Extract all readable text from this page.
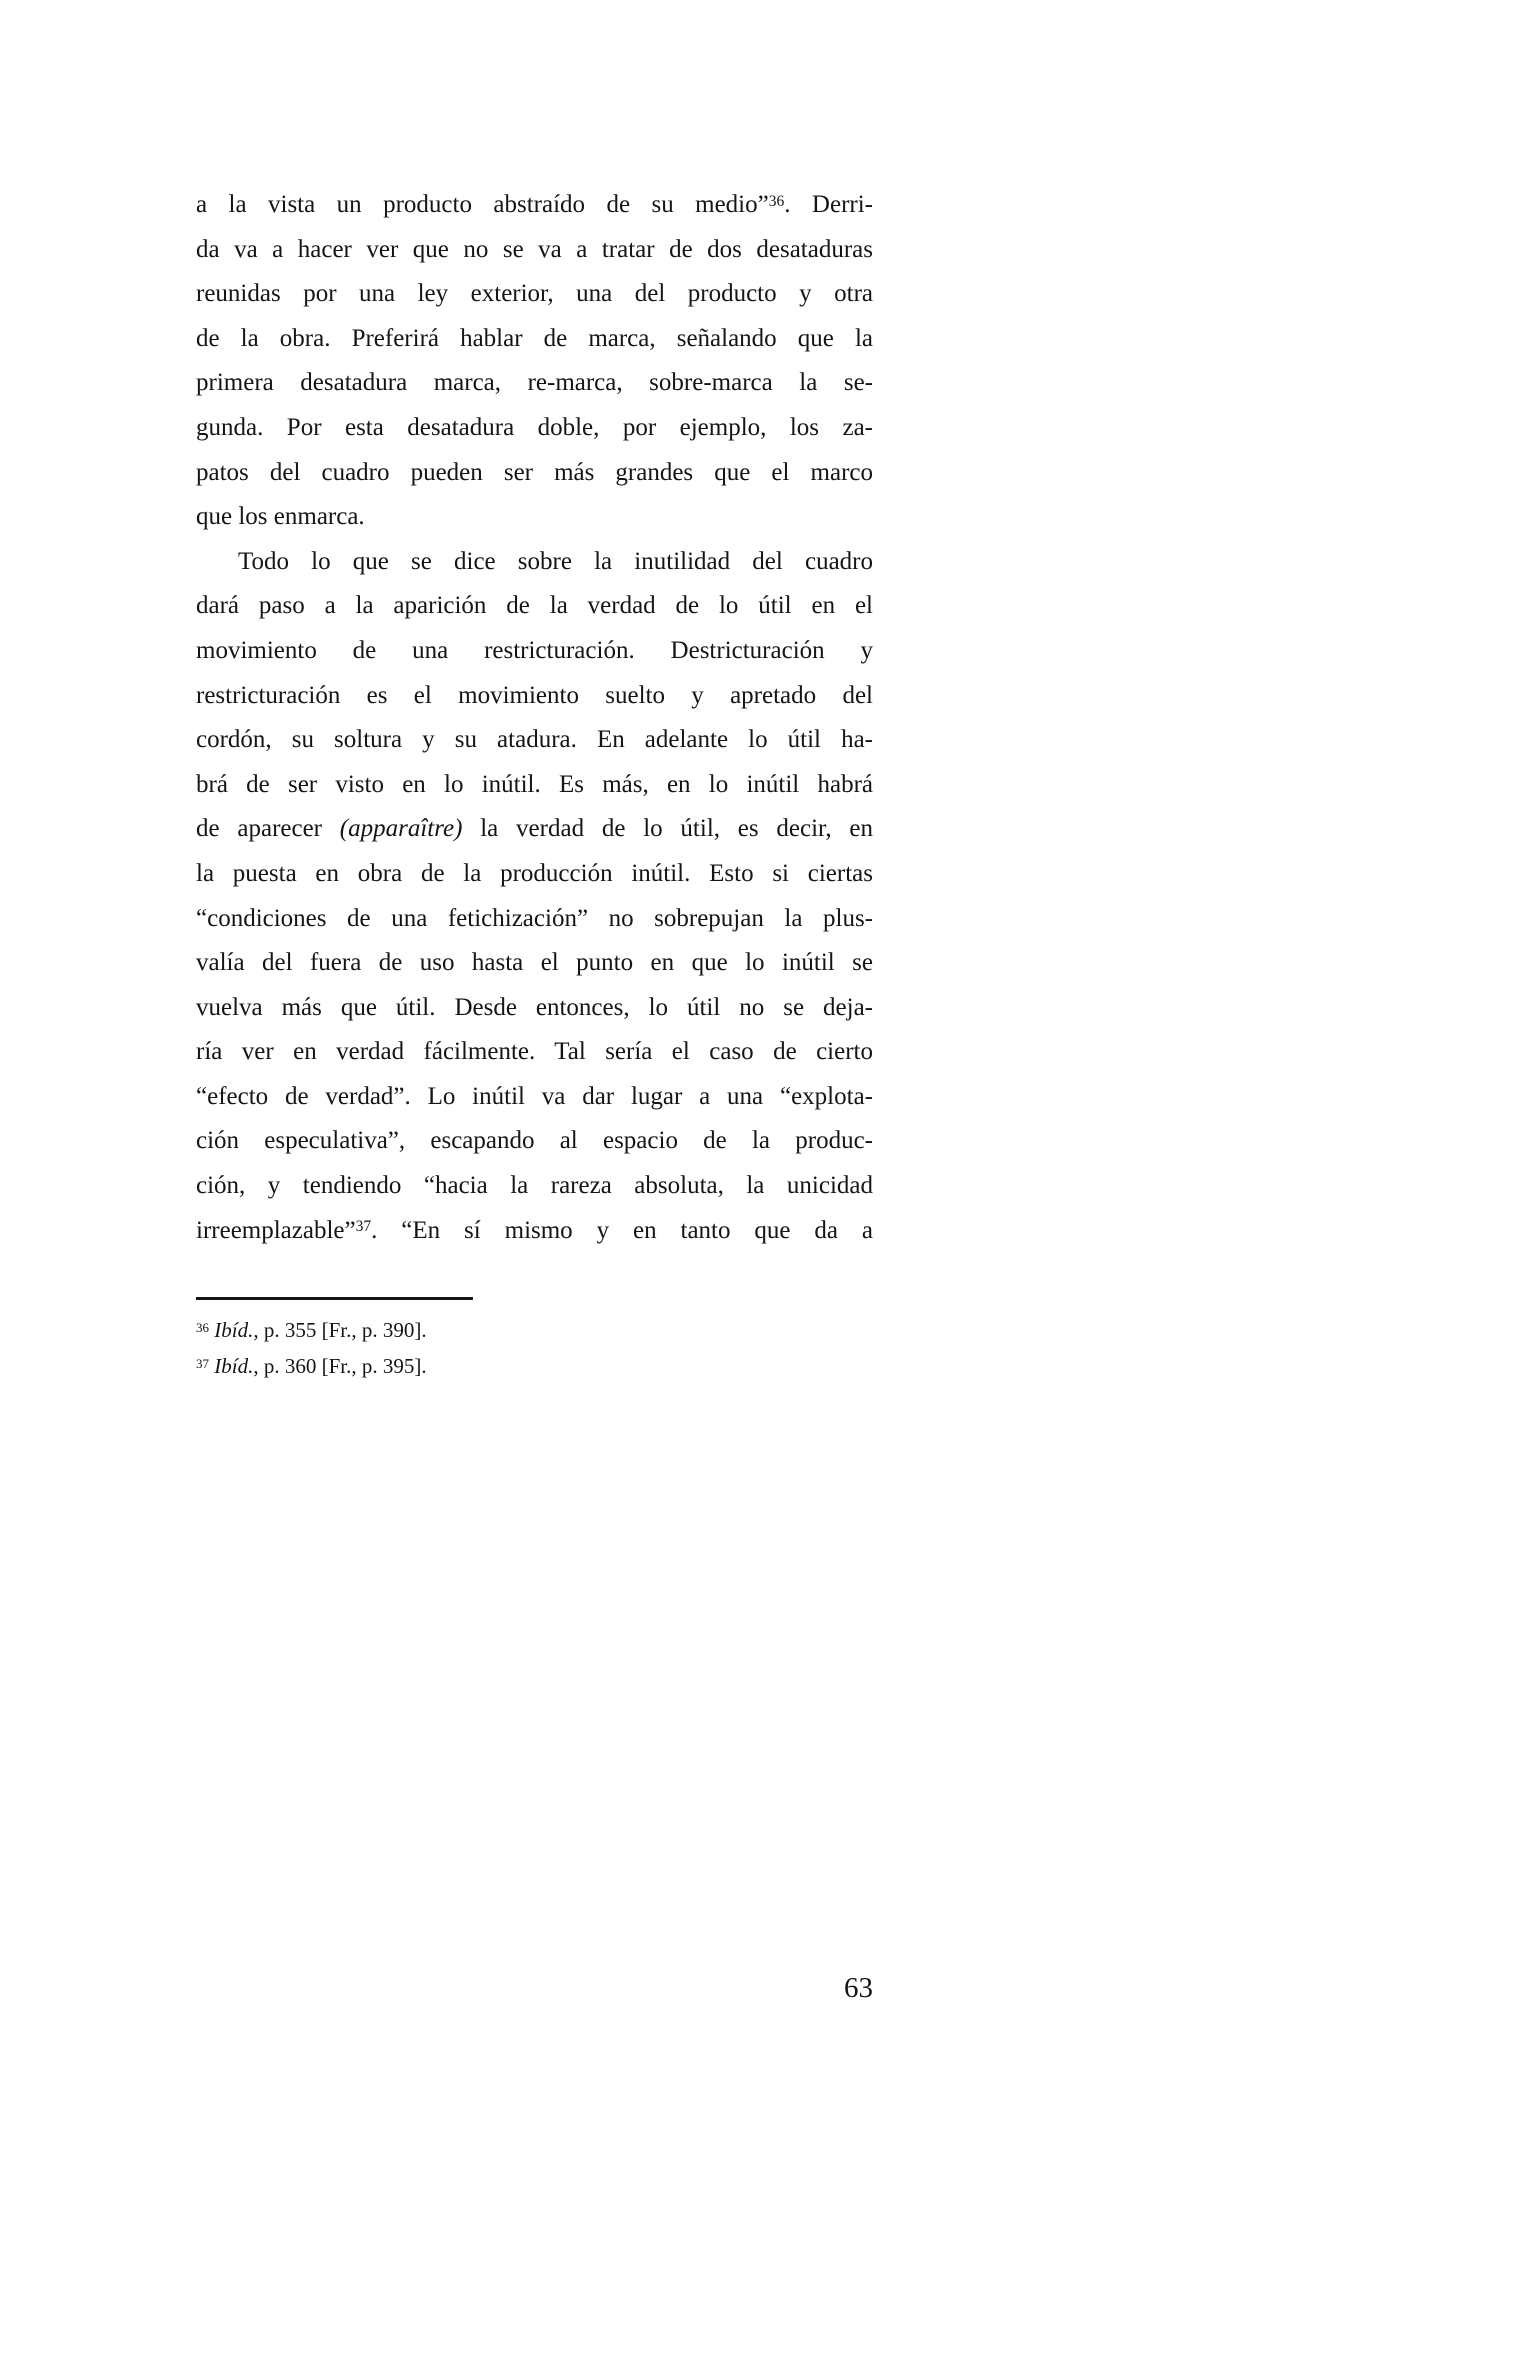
a la vista un producto abstraído de su medio”$^{36}$. Derri-
da va a hacer ver que no se va a tratar de dos desataduras
reunidas por una ley exterior, una del producto y otra
de la obra. Preferirá hablar de marca, señalando que la
primera desatadura marca, re-marca, sobre-marca la se-
gunda. Por esta desatadura doble, por ejemplo, los za-
patos del cuadro pueden ser más grandes que el marco
que los enmarca.

Todo lo que se dice sobre la inutilidad del cuadro
dará paso a la aparición de la verdad de lo útil en el
movimiento de una restricturación. Destricturación y
restricturación es el movimiento suelto y apretado del
cordón, su soltura y su atadura. En adelante lo útil ha-
brá de ser visto en lo inútil. Es más, en lo inútil habrá
de aparecer (apparaître) la verdad de lo útil, es decir, en
la puesta en obra de la producción inútil. Esto si ciertas
“condiciones de una fetichización” no sobrepujan la plus-
valía del fuera de uso hasta el punto en que lo inútil se
vuelva más que útil. Desde entonces, lo útil no se deja-
ría ver en verdad fácilmente. Tal sería el caso de cierto
“efecto de verdad”. Lo inútil va dar lugar a una “explota-
ción especulativa”, escapando al espacio de la produc-
ción, y tendiendo “hacia la rareza absoluta, la unicidad
irreemplazable”$^{37}$. “En sí mismo y en tanto que da a

$^{36}$ Ibíd., p. 355 [Fr., p. 390].
$^{37}$ Ibíd., p. 360 [Fr., p. 395].
63
